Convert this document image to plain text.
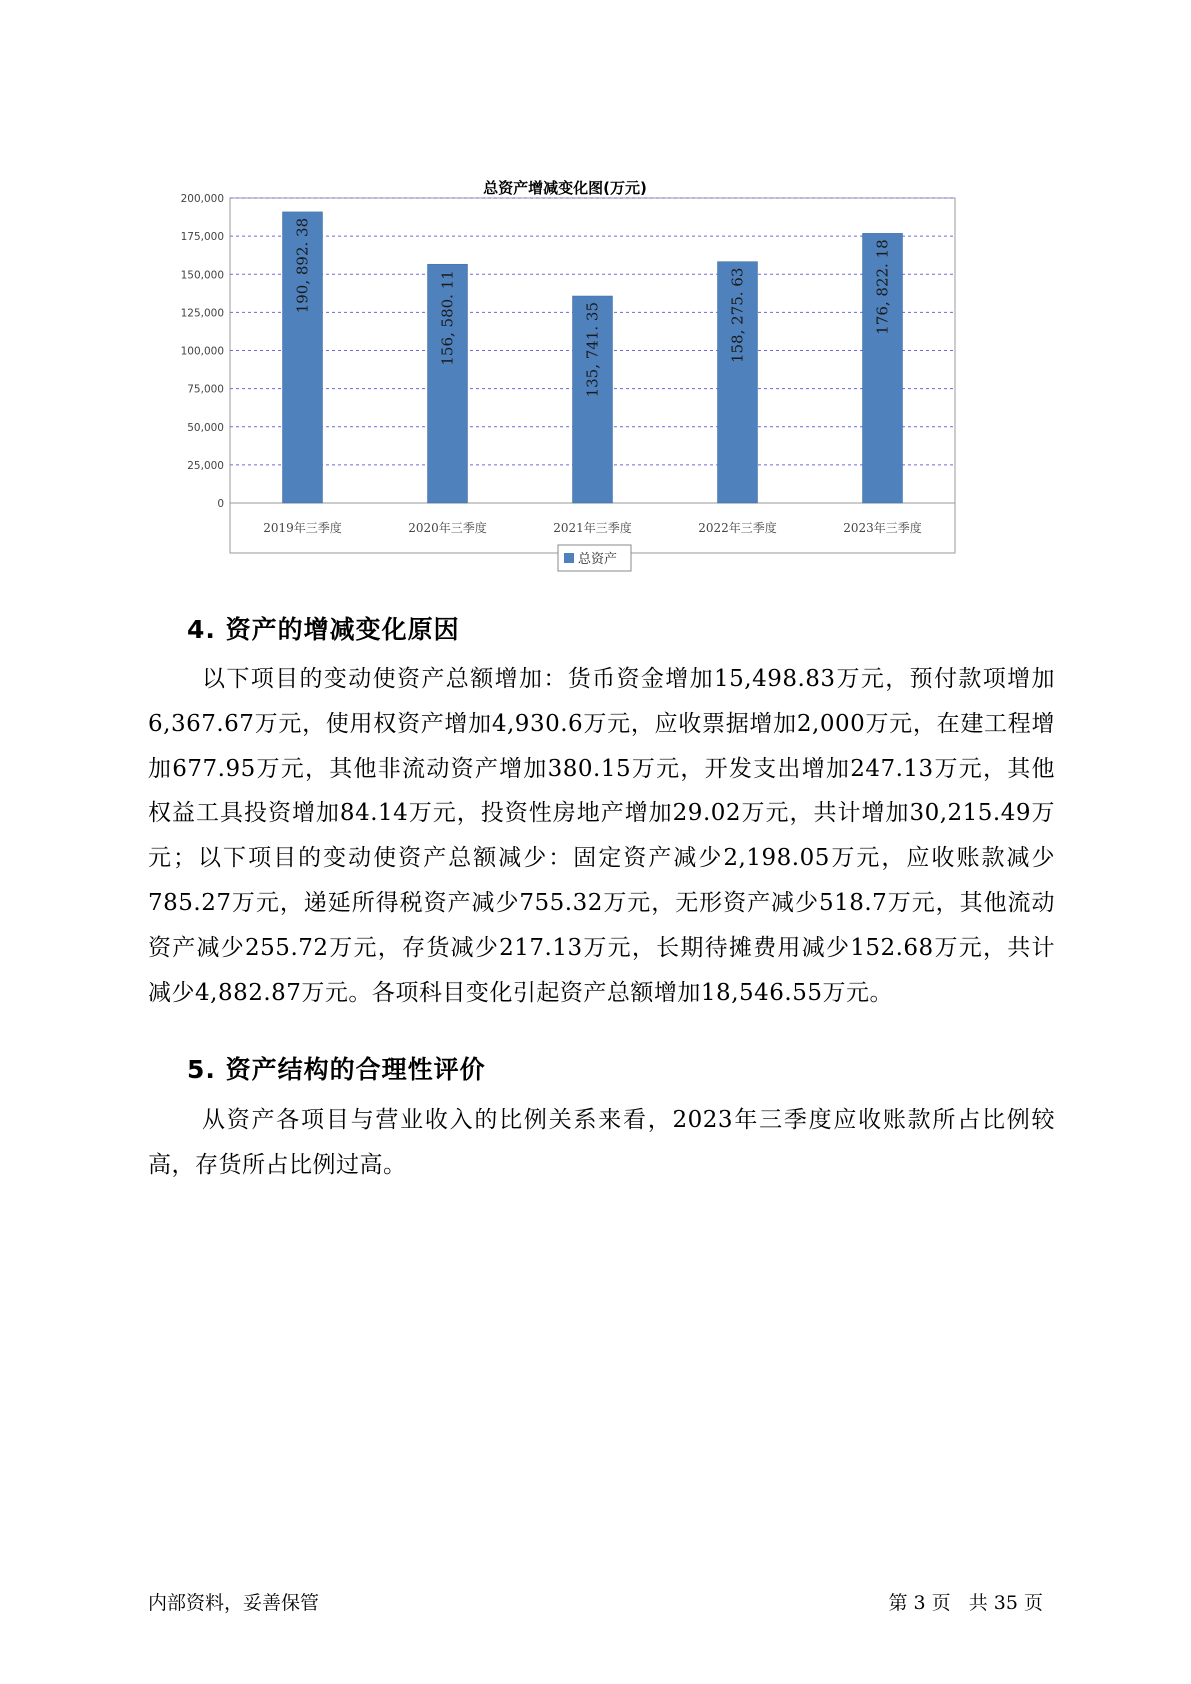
总资产增减变化图(万元)
0
25,000
50,000
75,000
100,000
125,000
150,000
175,000
200,000
190, 892. 38
156, 580. 11	135, 741. 35	158, 275. 63	176, 822. 18
2019年三季度	2020年三季度	2021年三季度	2022年三季度	2023年三季度
总资产
4. 资产的增减变化原因

以下项目的变动使资产总额增加：货币资金增加15,498.83万元，预付款项增加6,367.67万元，使用权资产增加4,930.6万元，应收票据增加2,000万元，在建工程增加677.95万元，其他非流动资产增加380.15万元，开发支出增加247.13万元，其他权益工具投资增加84.14万元，投资性房地产增加29.02万元，共计增加30,215.49万元；以下项目的变动使资产总额减少：固定资产减少2,198.05万元，应收账款减少785.27万元，递延所得税资产减少755.32万元，无形资产减少518.7万元，其他流动资产减少255.72万元，存货减少217.13万元，长期待摊费用减少152.68万元，共计减少4,882.87万元。各项科目变化引起资产总额增加18,546.55万元。

5. 资产结构的合理性评价

从资产各项目与营业收入的比例关系来看，2023年三季度应收账款所占比例较高，存货所占比例过高。

内部资料，妥善保管	第 3 页   共 35 页
